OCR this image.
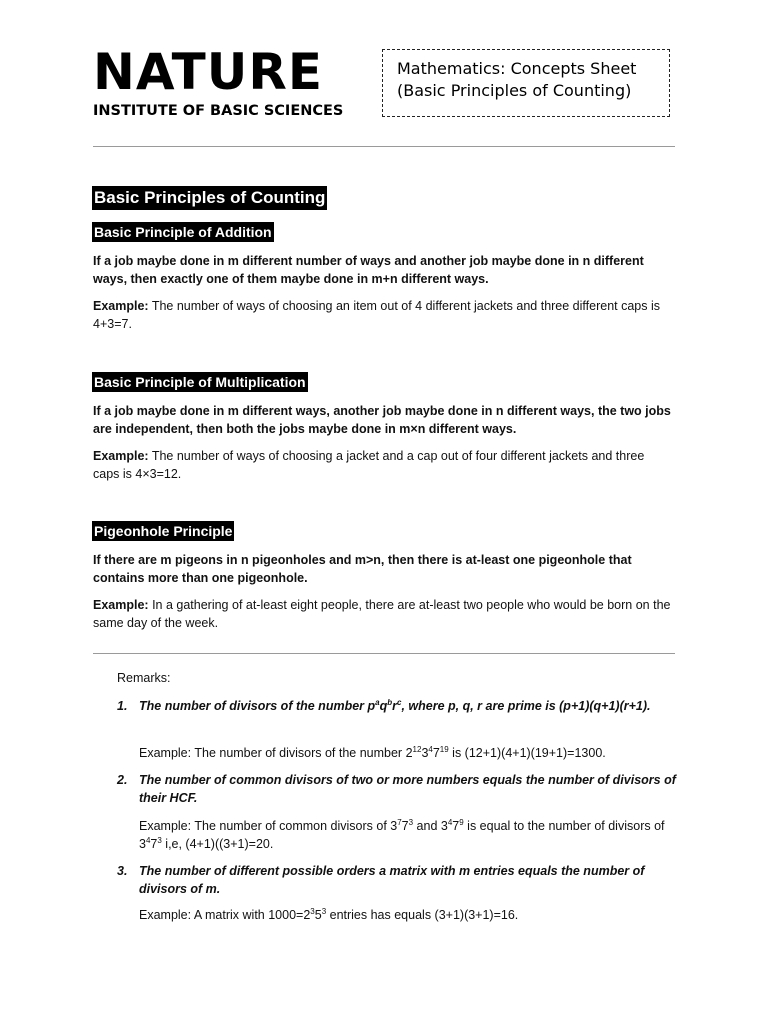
NATURE
INSTITUTE OF BASIC SCIENCES
Mathematics: Concepts Sheet
(Basic Principles of Counting)
Basic Principles of Counting
Basic Principle of Addition
If a job maybe done in m different number of ways and another job maybe done in n different ways, then exactly one of them maybe done in m+n different ways.
Example: The number of ways of choosing an item out of 4 different jackets and three different caps is 4+3=7.
Basic Principle of Multiplication
If a job maybe done in m different ways, another job maybe done in n different ways, the two jobs are independent, then both the jobs maybe done in m×n different ways.
Example: The number of ways of choosing a jacket and a cap out of four different jackets and three caps is 4×3=12.
Pigeonhole Principle
If there are m pigeons in n pigeonholes and m>n, then there is at-least one pigeonhole that contains more than one pigeonhole.
Example: In a gathering of at-least eight people, there are at-least two people who would be born on the same day of the week.
Remarks:
1. The number of divisors of the number $p^aq^br^c$, where p, q, r are prime is (p+1)(q+1)(r+1).
Example: The number of divisors of the number $2^{12}3^47^{19}$ is (12+1)(4+1)(19+1)=1300.
2. The number of common divisors of two or more numbers equals the number of divisors of their HCF.
Example: The number of common divisors of $3^77^3$ and $3^47^9$ is equal to the number of divisors of $3^47^3$ i,e, (4+1)((3+1)=20.
3. The number of different possible orders a matrix with m entries equals the number of divisors of m.
Example: A matrix with $1000=2^35^3$ entries has equals (3+1)(3+1)=16.
